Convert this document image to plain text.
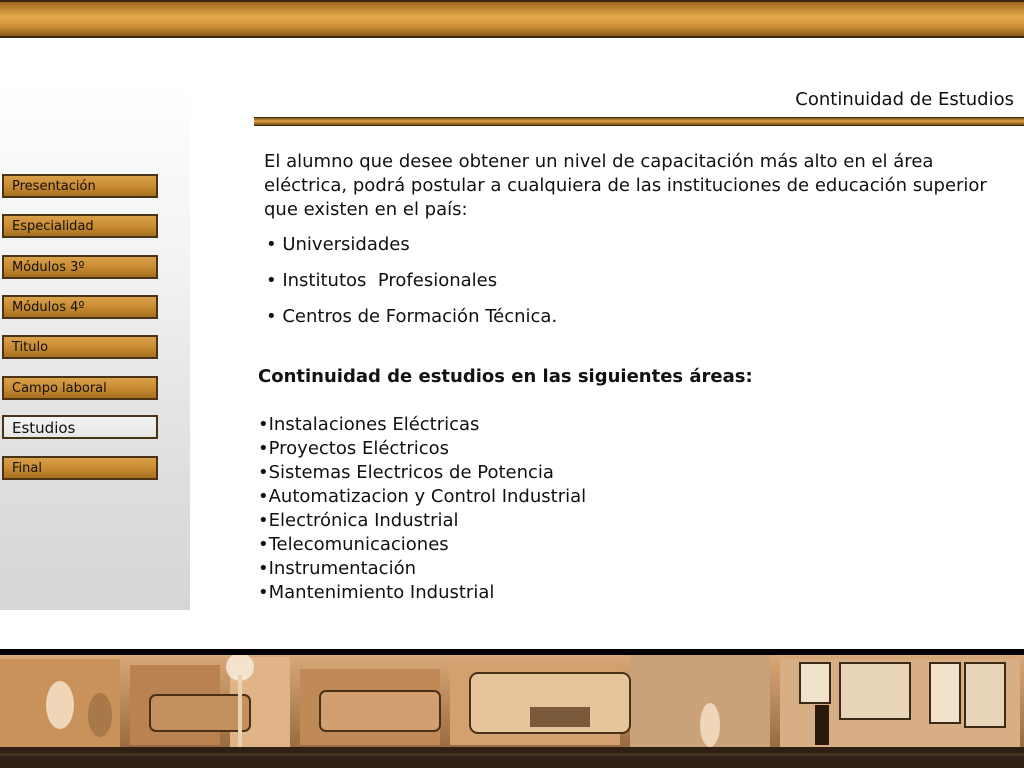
Presentación
Especialidad
Módulos 3º
Módulos 4º
Titulo
Campo laboral
Estudios
Final
Continuidad de Estudios

El alumno que desee obtener un nivel de capacitación más alto en el área eléctrica, podrá postular a cualquiera de las instituciones de educación superior que existen en el país:

• Universidades
• Institutos  Profesionales
• Centros de Formación Técnica.
Continuidad de estudios en las siguientes áreas:
•Instalaciones Eléctricas
•Proyectos Eléctricos
•Sistemas Electricos de Potencia
•Automatizacion y Control Industrial
•Electrónica Industrial
•Telecomunicaciones
•Instrumentación
•Mantenimiento Industrial
